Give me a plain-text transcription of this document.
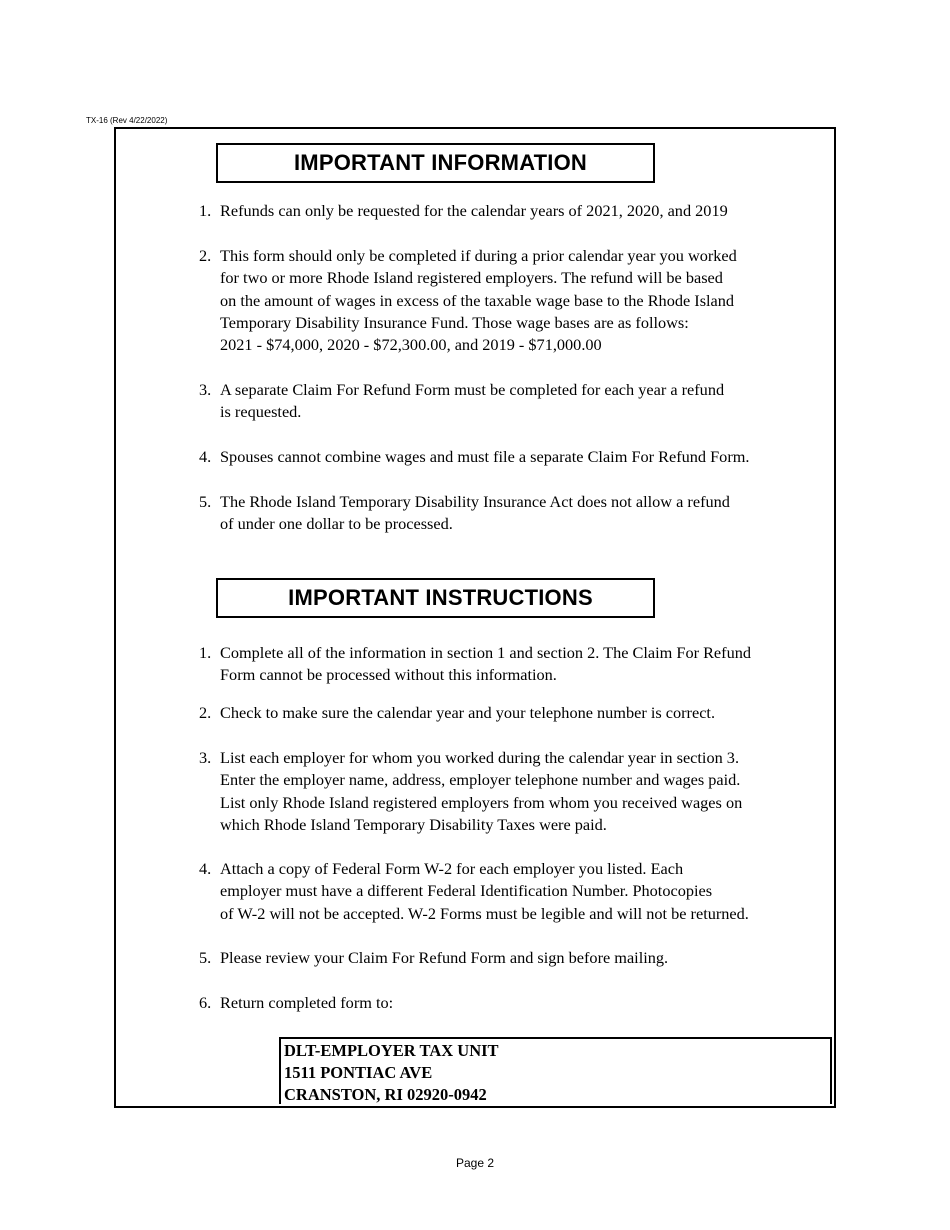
TX-16 (Rev 4/22/2022)
IMPORTANT INFORMATION
1. Refunds can only be requested for the calendar years of 2021, 2020, and 2019
2. This form should only be completed if during a prior calendar year you worked
for two or more Rhode Island registered employers. The refund will be based
on the amount of wages in excess of the taxable wage base to the Rhode Island
Temporary Disability Insurance Fund. Those wage bases are as follows:
2021 - $74,000, 2020 - $72,300.00, and 2019 - $71,000.00
3. A separate Claim For Refund Form must be completed for each year a refund
is requested.
4. Spouses cannot combine wages and must file a separate Claim For Refund Form.
5. The Rhode Island Temporary Disability Insurance Act does not allow a refund
of under one dollar to be processed.
IMPORTANT INSTRUCTIONS
1. Complete all of the information in section 1 and section 2. The Claim For Refund
Form cannot be processed without this information.
2. Check to make sure the calendar year and your telephone number is correct.
3. List each employer for whom you worked during the calendar year in section 3.
Enter the employer name, address, employer telephone number and wages paid.
List only Rhode Island registered employers from whom you received wages on
which Rhode Island Temporary Disability Taxes were paid.
4. Attach a copy of Federal Form W-2 for each employer you listed. Each
employer must have a different Federal Identification Number. Photocopies
of W-2 will not be accepted. W-2 Forms must be legible and will not be returned.
5. Please review your Claim For Refund Form and sign before mailing.
6. Return completed form to:
DLT-EMPLOYER TAX UNIT
1511 PONTIAC AVE
CRANSTON, RI 02920-0942
Page 2
